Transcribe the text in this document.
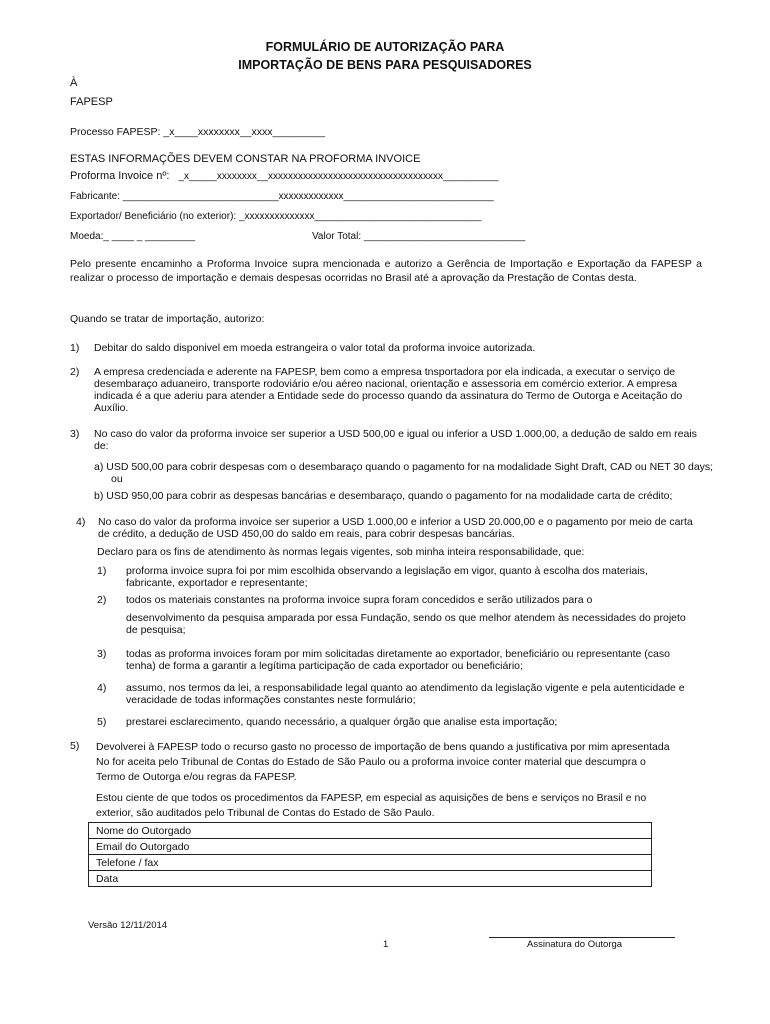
FORMULÁRIO DE AUTORIZAÇÃO PARA
IMPORTAÇÃO DE BENS PARA PESQUISADORES
À
FAPESP
Processo FAPESP: _x____xxxxxxxx__xxxx_________
ESTAS INFORMAÇÕES DEVEM CONSTAR NA PROFORMA INVOICE
Proforma Invoice nº: _x_____xxxxxxxx__xxxxxxxxxxxxxxxxxxxxxxxxxxxxxxxxxxx__________
Fabricante: ____________________________xxxxxxxxxxxxx___________________________
Exportador/ Beneficiário (no exterior): _xxxxxxxxxxxxxx______________________________
Moeda:_ ____ _ _________	Valor Total: _____________________________
Pelo presente encaminho a Proforma Invoice supra mencionada e autorizo a Gerência de Importação e Exportação da FAPESP a realizar o processo de importação e demais despesas ocorridas no Brasil até a aprovação da Prestação de Contas desta.
Quando se tratar de importação, autorizo:
1) Debitar do saldo disponivel em moeda estrangeira o valor total da proforma invoice autorizada.
2) A empresa credenciada e aderente na FAPESP, bem como a empresa tnsportadora por ela indicada, a executar o serviço de desembaraço aduaneiro, transporte rodoviário e/ou aéreo nacional, orientação e assessoria em comércio exterior. A empresa indicada é a que aderiu para atender a Entidade sede do processo quando da assinatura do Termo de Outorga e Aceitação do Auxílio.
3) No caso do valor da proforma invoice ser superior a USD 500,00 e igual ou inferior a USD 1.000,00, a dedução de saldo em reais de:
a) USD 500,00 para cobrir despesas com o desembaraço quando o pagamento for na modalidade Sight Draft, CAD ou NET 30 days; ou
b) USD 950,00 para cobrir as despesas bancárias e desembaraço, quando o pagamento for na modalidade carta de crédito;
4) No caso do valor da proforma invoice ser superior a USD 1.000,00 e inferior a USD 20.000,00 e o pagamento por meio de carta de crédito, a dedução de USD 450,00 do saldo em reais, para cobrir despesas bancárias.
Declaro para os fins de atendimento às normas legais vigentes, sob minha inteira responsabilidade, que:
1) proforma invoice supra foi por mim escolhida observando a legislação em vigor, quanto à escolha dos materiais, fabricante, exportador e representante;
2) todos os materiais constantes na proforma invoice supra foram concedidos e serão utilizados para o
desenvolvimento da pesquisa amparada por essa Fundação, sendo os que melhor atendem às necessidades do projeto de pesquisa;
3) todas as proforma invoices foram por mim solicitadas diretamente ao exportador, beneficiário ou representante (caso tenha) de forma a garantir a legítima participação de cada exportador ou beneficiário;
4) assumo, nos termos da lei, a responsabilidade legal quanto ao atendimento da legislação vigente e pela autenticidade e veracidade de todas informações constantes neste formulário;
5) prestarei esclarecimento, quando necessário, a qualquer órgão que analise esta importação;
5) Devolverei à FAPESP todo o recurso gasto no processo de importação de bens quando a justificativa por mim apresentada No for aceita pelo Tribunal de Contas do Estado de São Paulo ou a proforma invoice conter material que descumpra o Termo de Outorga e/ou regras da FAPESP.
Estou ciente de que todos os procedimentos da FAPESP, em especial as aquisições de bens e serviços no Brasil e no exterior, são auditados pelo Tribunal de Contas do Estado de São Paulo.
Nome do Outorgado
Email do Outorgado
Telefone / fax
Data
Versão 12/11/2014
1	Assinatura do Outorga
